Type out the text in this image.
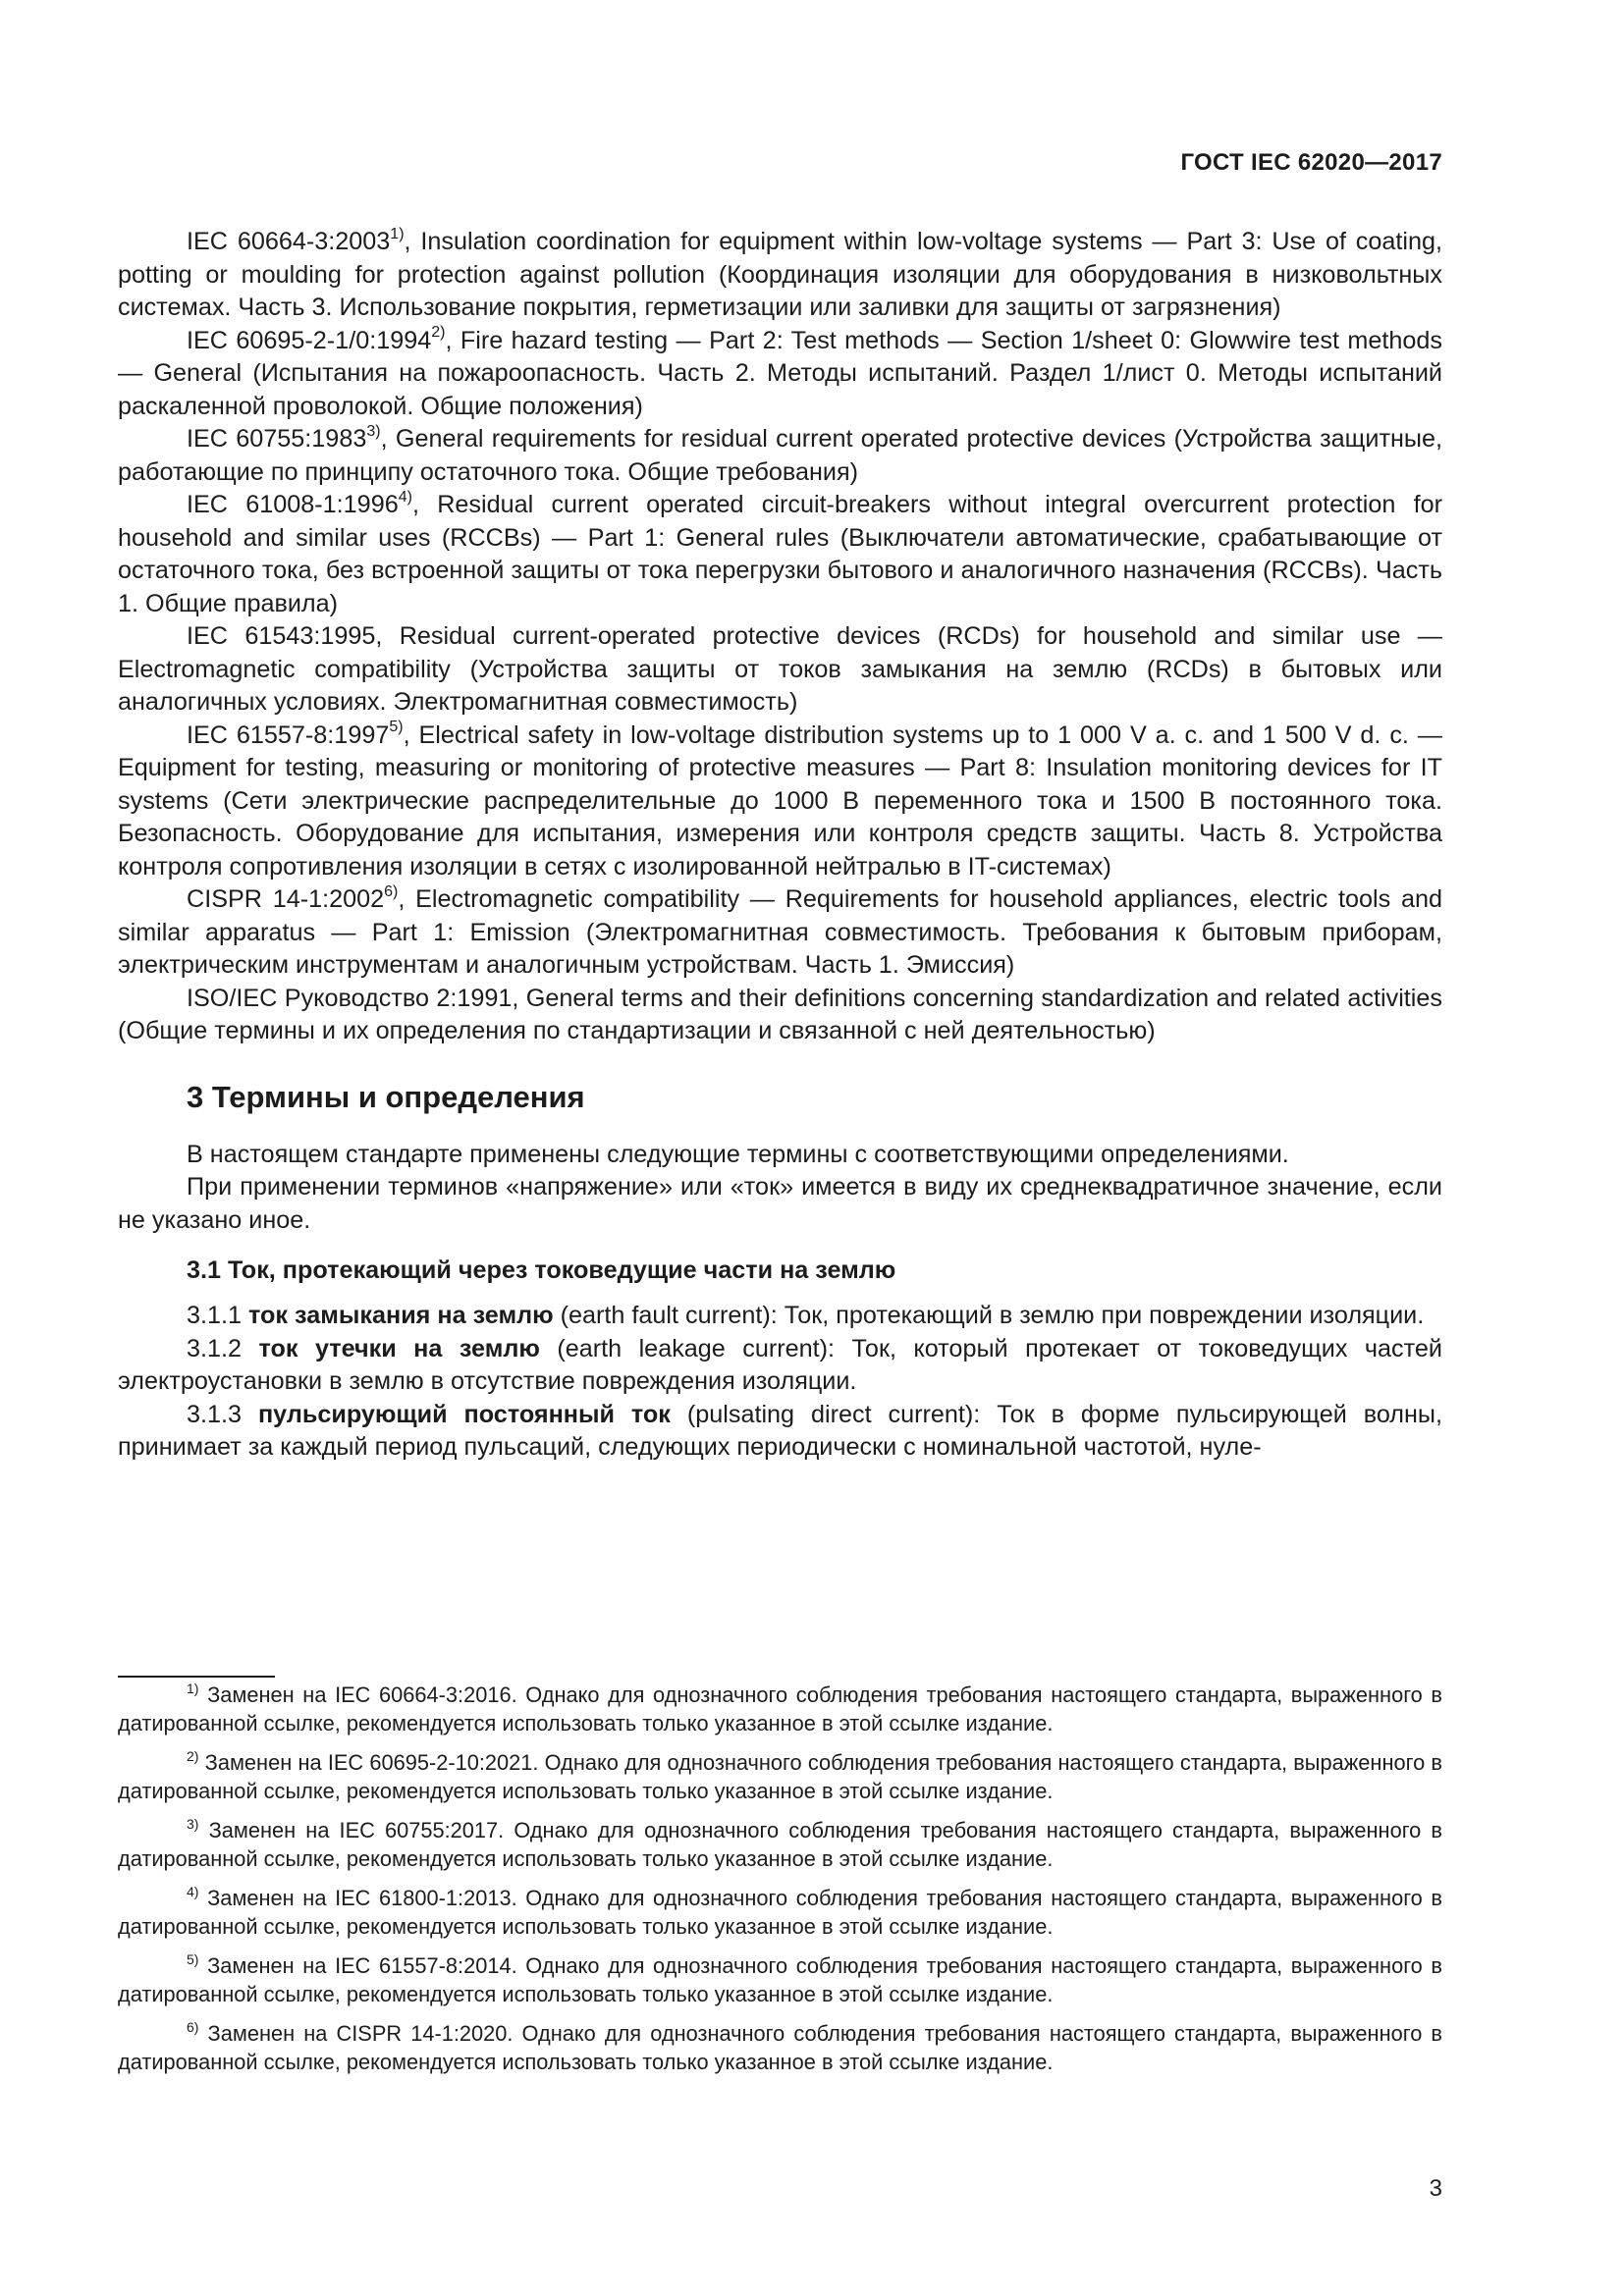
ГОСТ IEC 62020—2017

IEC 60664-3:2003$^{1)}$, Insulation coordination for equipment within low-voltage systems — Part 3: Use of coating, potting or moulding for protection against pollution (Координация изоляции для оборудования в низковольтных системах. Часть 3. Использование покрытия, герметизации или заливки для защиты от загрязнения)

IEC 60695-2-1/0:1994$^{2)}$, Fire hazard testing — Part 2: Test methods — Section 1/sheet 0: Glowwire test methods — General (Испытания на пожароопасность. Часть 2. Методы испытаний. Раздел 1/лист 0. Методы испытаний раскаленной проволокой. Общие положения)

IEC 60755:1983$^{3)}$, General requirements for residual current operated protective devices (Устройства защитные, работающие по принципу остаточного тока. Общие требования)

IEC 61008-1:1996$^{4)}$, Residual current operated circuit-breakers without integral overcurrent protection for household and similar uses (RCCBs) — Part 1: General rules (Выключатели автоматические, срабатывающие от остаточного тока, без встроенной защиты от тока перегрузки бытового и аналогичного назначения (RCCBs). Часть 1. Общие правила)

IEC 61543:1995, Residual current-operated protective devices (RCDs) for household and similar use — Electromagnetic compatibility (Устройства защиты от токов замыкания на землю (RCDs) в бытовых или аналогичных условиях. Электромагнитная совместимость)

IEC 61557-8:1997$^{5)}$, Electrical safety in low-voltage distribution systems up to 1 000 V a. c. and 1 500 V d. c. — Equipment for testing, measuring or monitoring of protective measures — Part 8: Insulation monitoring devices for IT systems (Сети электрические распределительные до 1000 В переменного тока и 1500 В постоянного тока. Безопасность. Оборудование для испытания, измерения или контроля средств защиты. Часть 8. Устройства контроля сопротивления изоляции в сетях с изолированной нейтралью в IT-системах)

CISPR 14-1:2002$^{6)}$, Electromagnetic compatibility — Requirements for household appliances, electric tools and similar apparatus — Part 1: Emission (Электромагнитная совместимость. Требования к бытовым приборам, электрическим инструментам и аналогичным устройствам. Часть 1. Эмиссия)

ISO/IEC Руководство 2:1991, General terms and their definitions concerning standardization and related activities (Общие термины и их определения по стандартизации и связанной с ней деятельностью)

3 Термины и определения

В настоящем стандарте применены следующие термины с соответствующими определениями.

При применении терминов «напряжение» или «ток» имеется в виду их среднеквадратичное значение, если не указано иное.

3.1 Ток, протекающий через токоведущие части на землю

3.1.1 ток замыкания на землю (earth fault current): Ток, протекающий в землю при повреждении изоляции.

3.1.2 ток утечки на землю (earth leakage current): Ток, который протекает от токоведущих частей электроустановки в землю в отсутствие повреждения изоляции.

3.1.3 пульсирующий постоянный ток (pulsating direct current): Ток в форме пульсирующей волны, принимает за каждый период пульсаций, следующих периодически с номинальной частотой, нуле-

$^{1)}$ Заменен на IEC 60664-3:2016. Однако для однозначного соблюдения требования настоящего стандарта, выраженного в датированной ссылке, рекомендуется использовать только указанное в этой ссылке издание.

$^{2)}$ Заменен на IEC 60695-2-10:2021. Однако для однозначного соблюдения требования настоящего стандарта, выраженного в датированной ссылке, рекомендуется использовать только указанное в этой ссылке издание.

$^{3)}$ Заменен на IEC 60755:2017. Однако для однозначного соблюдения требования настоящего стандарта, выраженного в датированной ссылке, рекомендуется использовать только указанное в этой ссылке издание.

$^{4)}$ Заменен на IEC 61800-1:2013. Однако для однозначного соблюдения требования настоящего стандарта, выраженного в датированной ссылке, рекомендуется использовать только указанное в этой ссылке издание.

$^{5)}$ Заменен на IEC 61557-8:2014. Однако для однозначного соблюдения требования настоящего стандарта, выраженного в датированной ссылке, рекомендуется использовать только указанное в этой ссылке издание.

$^{6)}$ Заменен на CISPR 14-1:2020. Однако для однозначного соблюдения требования настоящего стандарта, выраженного в датированной ссылке, рекомендуется использовать только указанное в этой ссылке издание.

3
